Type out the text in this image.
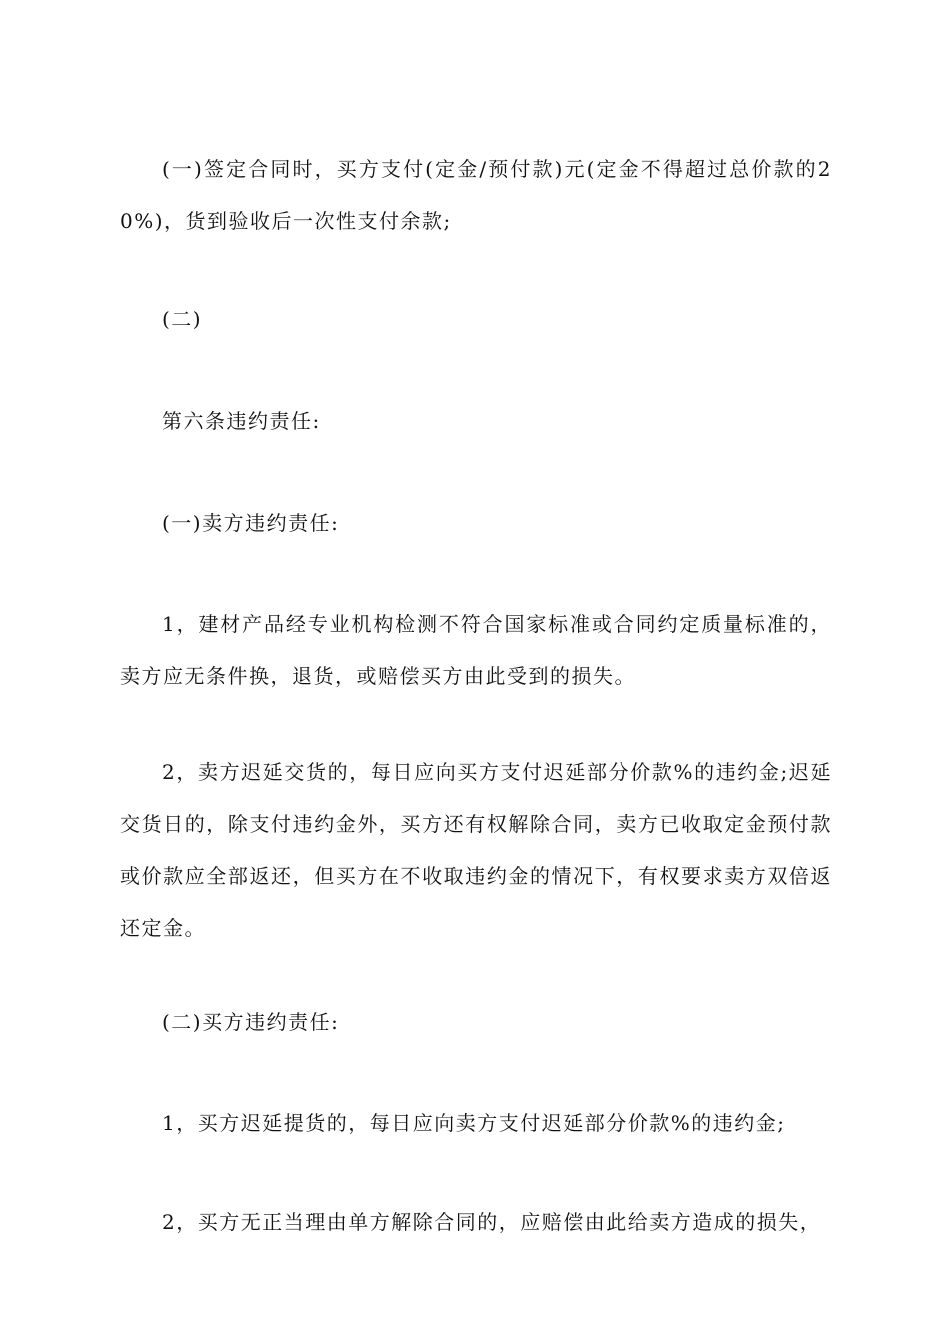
(一)签定合同时，买方支付(定金/预付款)元(定金不得超过总价款的20%)，货到验收后一次性支付余款;

(二)

第六条违约责任:

(一)卖方违约责任:

1，建材产品经专业机构检测不符合国家标准或合同约定质量标准的，卖方应无条件换，退货，或赔偿买方由此受到的损失。

2，卖方迟延交货的，每日应向买方支付迟延部分价款%的违约金;迟延交货日的，除支付违约金外，买方还有权解除合同，卖方已收取定金预付款或价款应全部返还，但买方在不收取违约金的情况下，有权要求卖方双倍返还定金。

(二)买方违约责任:

1，买方迟延提货的，每日应向卖方支付迟延部分价款%的违约金;

2，买方无正当理由单方解除合同的，应赔偿由此给卖方造成的损失，
